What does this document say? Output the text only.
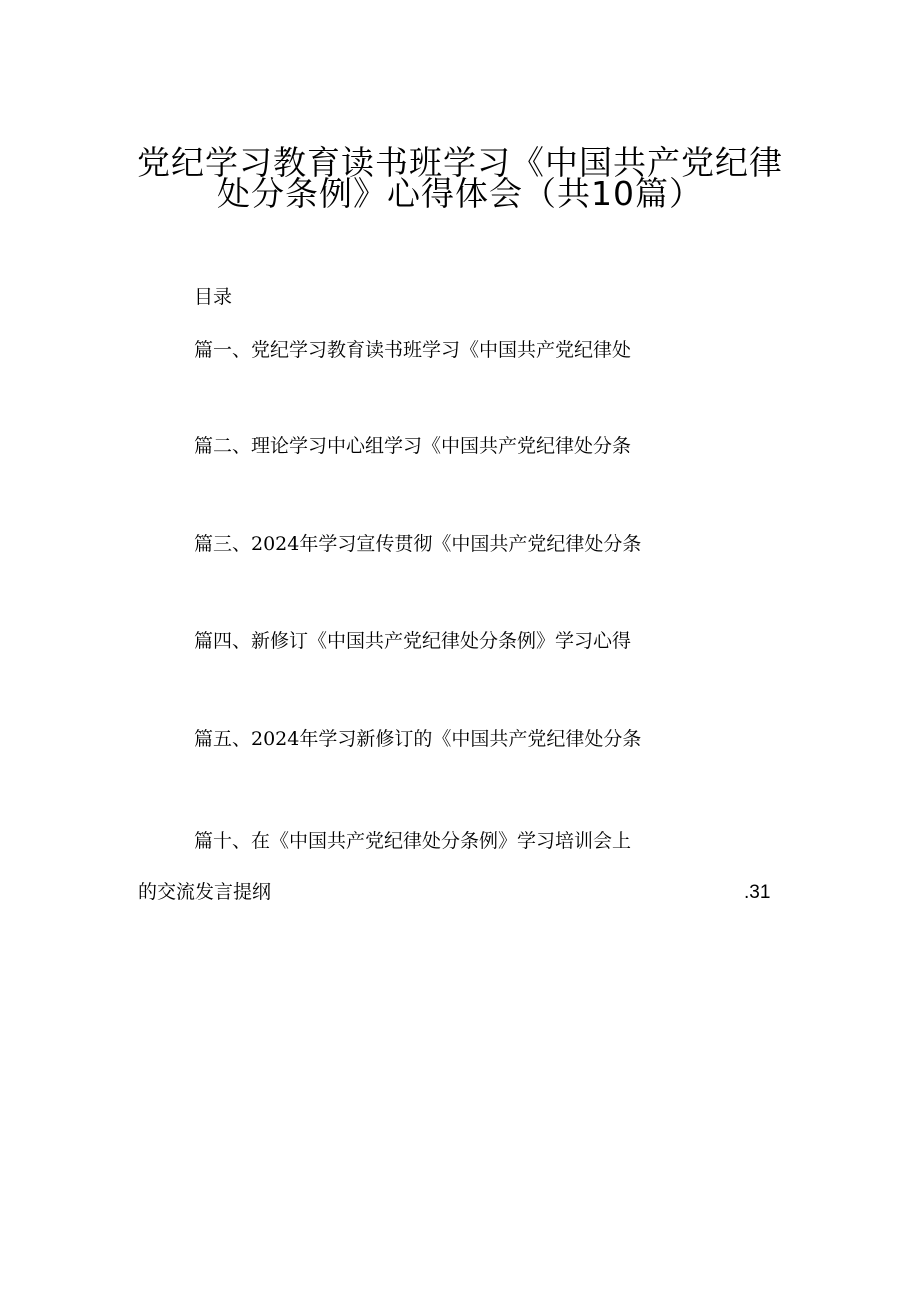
党纪学习教育读书班学习《中国共产党纪律
处分条例》心得体会（共10篇）
目录
篇一、党纪学习教育读书班学习《中国共产党纪律处
篇二、理论学习中心组学习《中国共产党纪律处分条
篇三、2024年学习宣传贯彻《中国共产党纪律处分条
篇四、新修订《中国共产党纪律处分条例》学习心得
篇五、2024年学习新修订的《中国共产党纪律处分条
篇十、在《中国共产党纪律处分条例》学习培训会上
的交流发言提纲	.31
